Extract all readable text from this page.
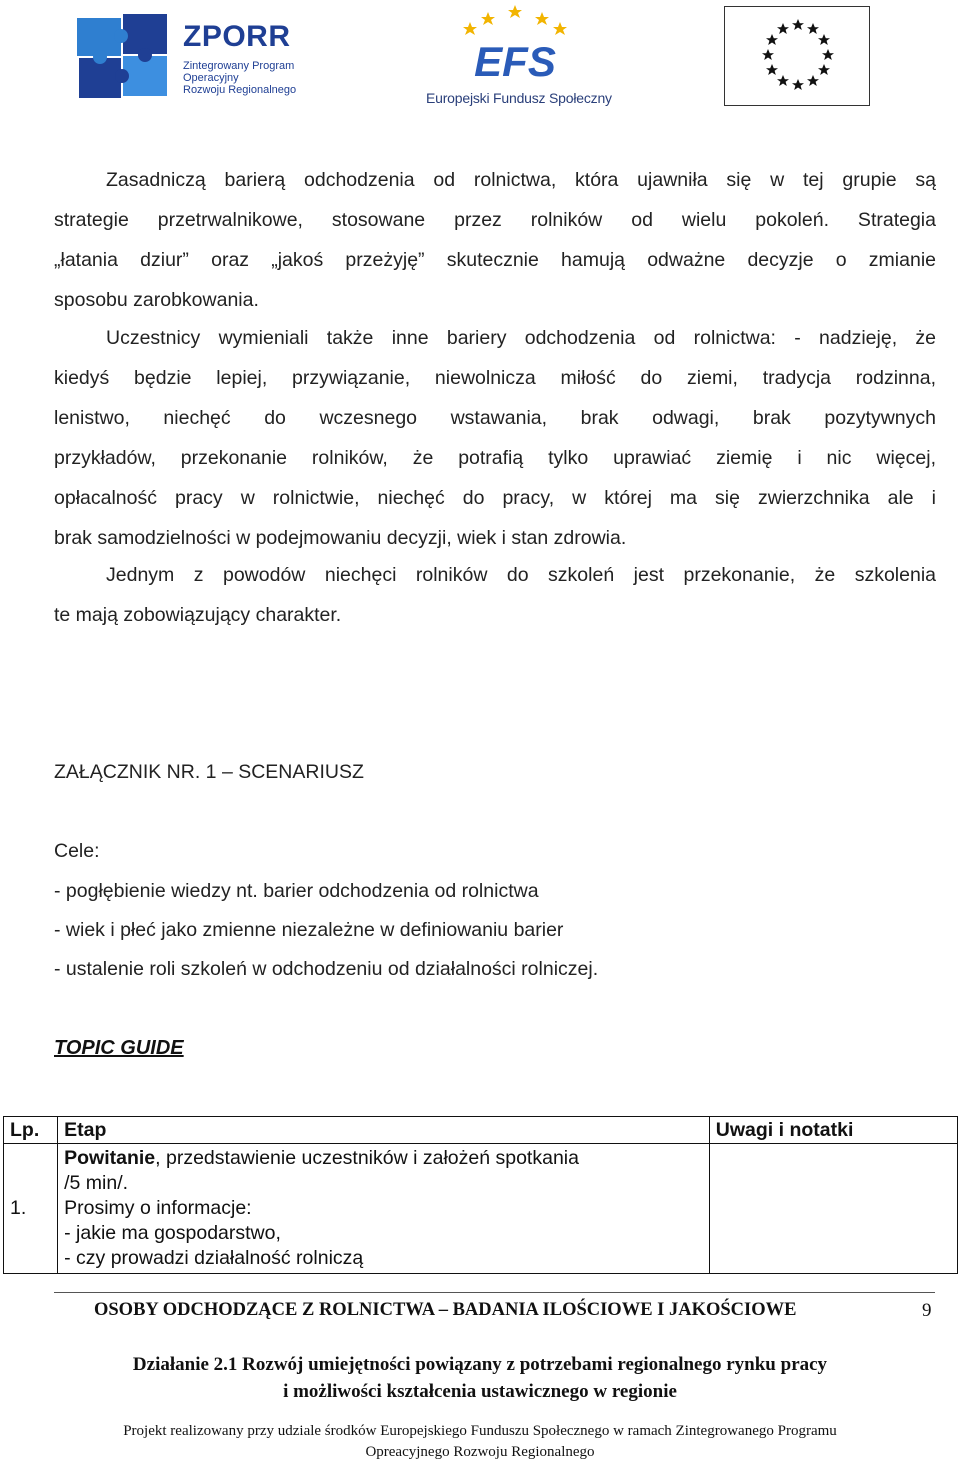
ZPORR
Zintegrowany Program
Operacyjny
Rozwoju Regionalnego
EFS
Europejski Fundusz Społeczny
Zasadniczą barierą odchodzenia od rolnictwa, która ujawniła się w tej grupie są
strategie przetrwalnikowe, stosowane przez rolników od wielu pokoleń. Strategia
„łatania dziur” oraz „jakoś przeżyję” skutecznie hamują odważne decyzje o zmianie
sposobu zarobkowania.
Uczestnicy wymieniali także inne bariery odchodzenia od rolnictwa: - nadzieję, że
kiedyś będzie lepiej, przywiązanie, niewolnicza miłość do ziemi, tradycja rodzinna,
lenistwo, niechęć do wczesnego wstawania, brak odwagi, brak pozytywnych
przykładów, przekonanie rolników, że potrafią tylko uprawiać ziemię i nic więcej,
opłacalność pracy w rolnictwie, niechęć do pracy, w której ma się zwierzchnika ale i
brak samodzielności w podejmowaniu decyzji, wiek i stan zdrowia.
Jednym z powodów niechęci rolników do szkoleń jest przekonanie, że szkolenia
te mają zobowiązujący charakter.
ZAŁĄCZNIK NR. 1 – SCENARIUSZ
Cele:
- pogłębienie wiedzy nt. barier odchodzenia od rolnictwa
- wiek i płeć jako zmienne niezależne w definiowaniu barier
- ustalenie roli szkoleń w odchodzeniu od działalności rolniczej.
TOPIC GUIDE
Lp.	Etap	Uwagi i notatki
1.	Powitanie, przedstawienie uczestników i założeń spotkania
/5 min/.
Prosimy o informacje:
- jakie ma gospodarstwo,
- czy prowadzi działalność rolniczą	

OSOBY ODCHODZĄCE Z ROLNICTWA – BADANIA ILOŚCIOWE I JAKOŚCIOWE	9
Działanie 2.1 Rozwój umiejętności powiązany z potrzebami regionalnego rynku pracy
i możliwości kształcenia ustawicznego w regionie
Projekt realizowany przy udziale środków Europejskiego Funduszu Społecznego w ramach Zintegrowanego Programu
Opreacyjnego Rozwoju Regionalnego
